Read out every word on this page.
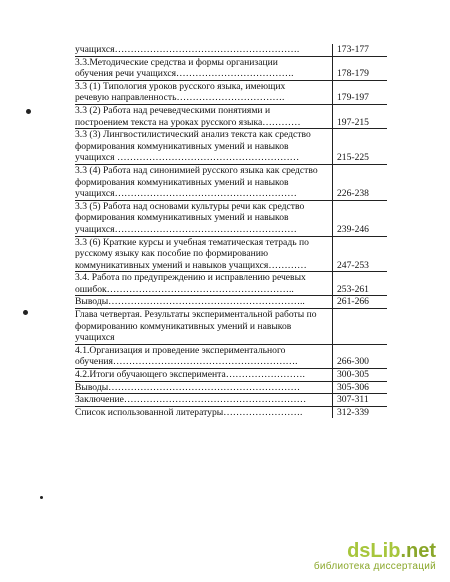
учащихся………………………………………………….	173-177
3.3.Методические средства и формы организации
обучения речи учащихся……………………………….	178-179
3.3 (1) Типология уроков русского языка, имеющих
речевую направленность…………………………….	179-197
3.3 (2) Работа над речеведческими понятиями и
построением текста на уроках русского языка…………	197-215
3.3 (3) Лингвостилистический анализ текста как средство
формирования коммуникативных умений и навыков
учащихся …………………………………………………	215-225
3.3 (4) Работа над синонимией русского языка как средство
формирования коммуникативных умений и навыков
учащихся…………………………………………………	226-238
3.3 (5) Работа над основами культуры речи как средство
формирования коммуникативных умений и навыков
учащихся…………………………………………………	239-246
3.3 (6) Краткие курсы и учебная тематическая тетрадь по
русскому языку как пособие по формированию
коммуникативных умений и навыков учащихся…………	247-253
3.4. Работа по предупреждению и исправлению речевых
ошибок…………………………………………………..	253-261
Выводы……………………………………………………..	261-266
Глава четвертая. Результаты экспериментальной работы по
формированию коммуникативных умений и навыков
учащихся
4.1.Организация и проведение экспериментального
обучения………………………………………………….	266-300
4.2.Итоги обучающего эксперимента…………………….	300-305
Выводы……………………………………………………	305-306
Заключение…………………………………………………	307-311
Список использованной литературы…………………….	312-339
dsLib.net
библиотека диссертаций
